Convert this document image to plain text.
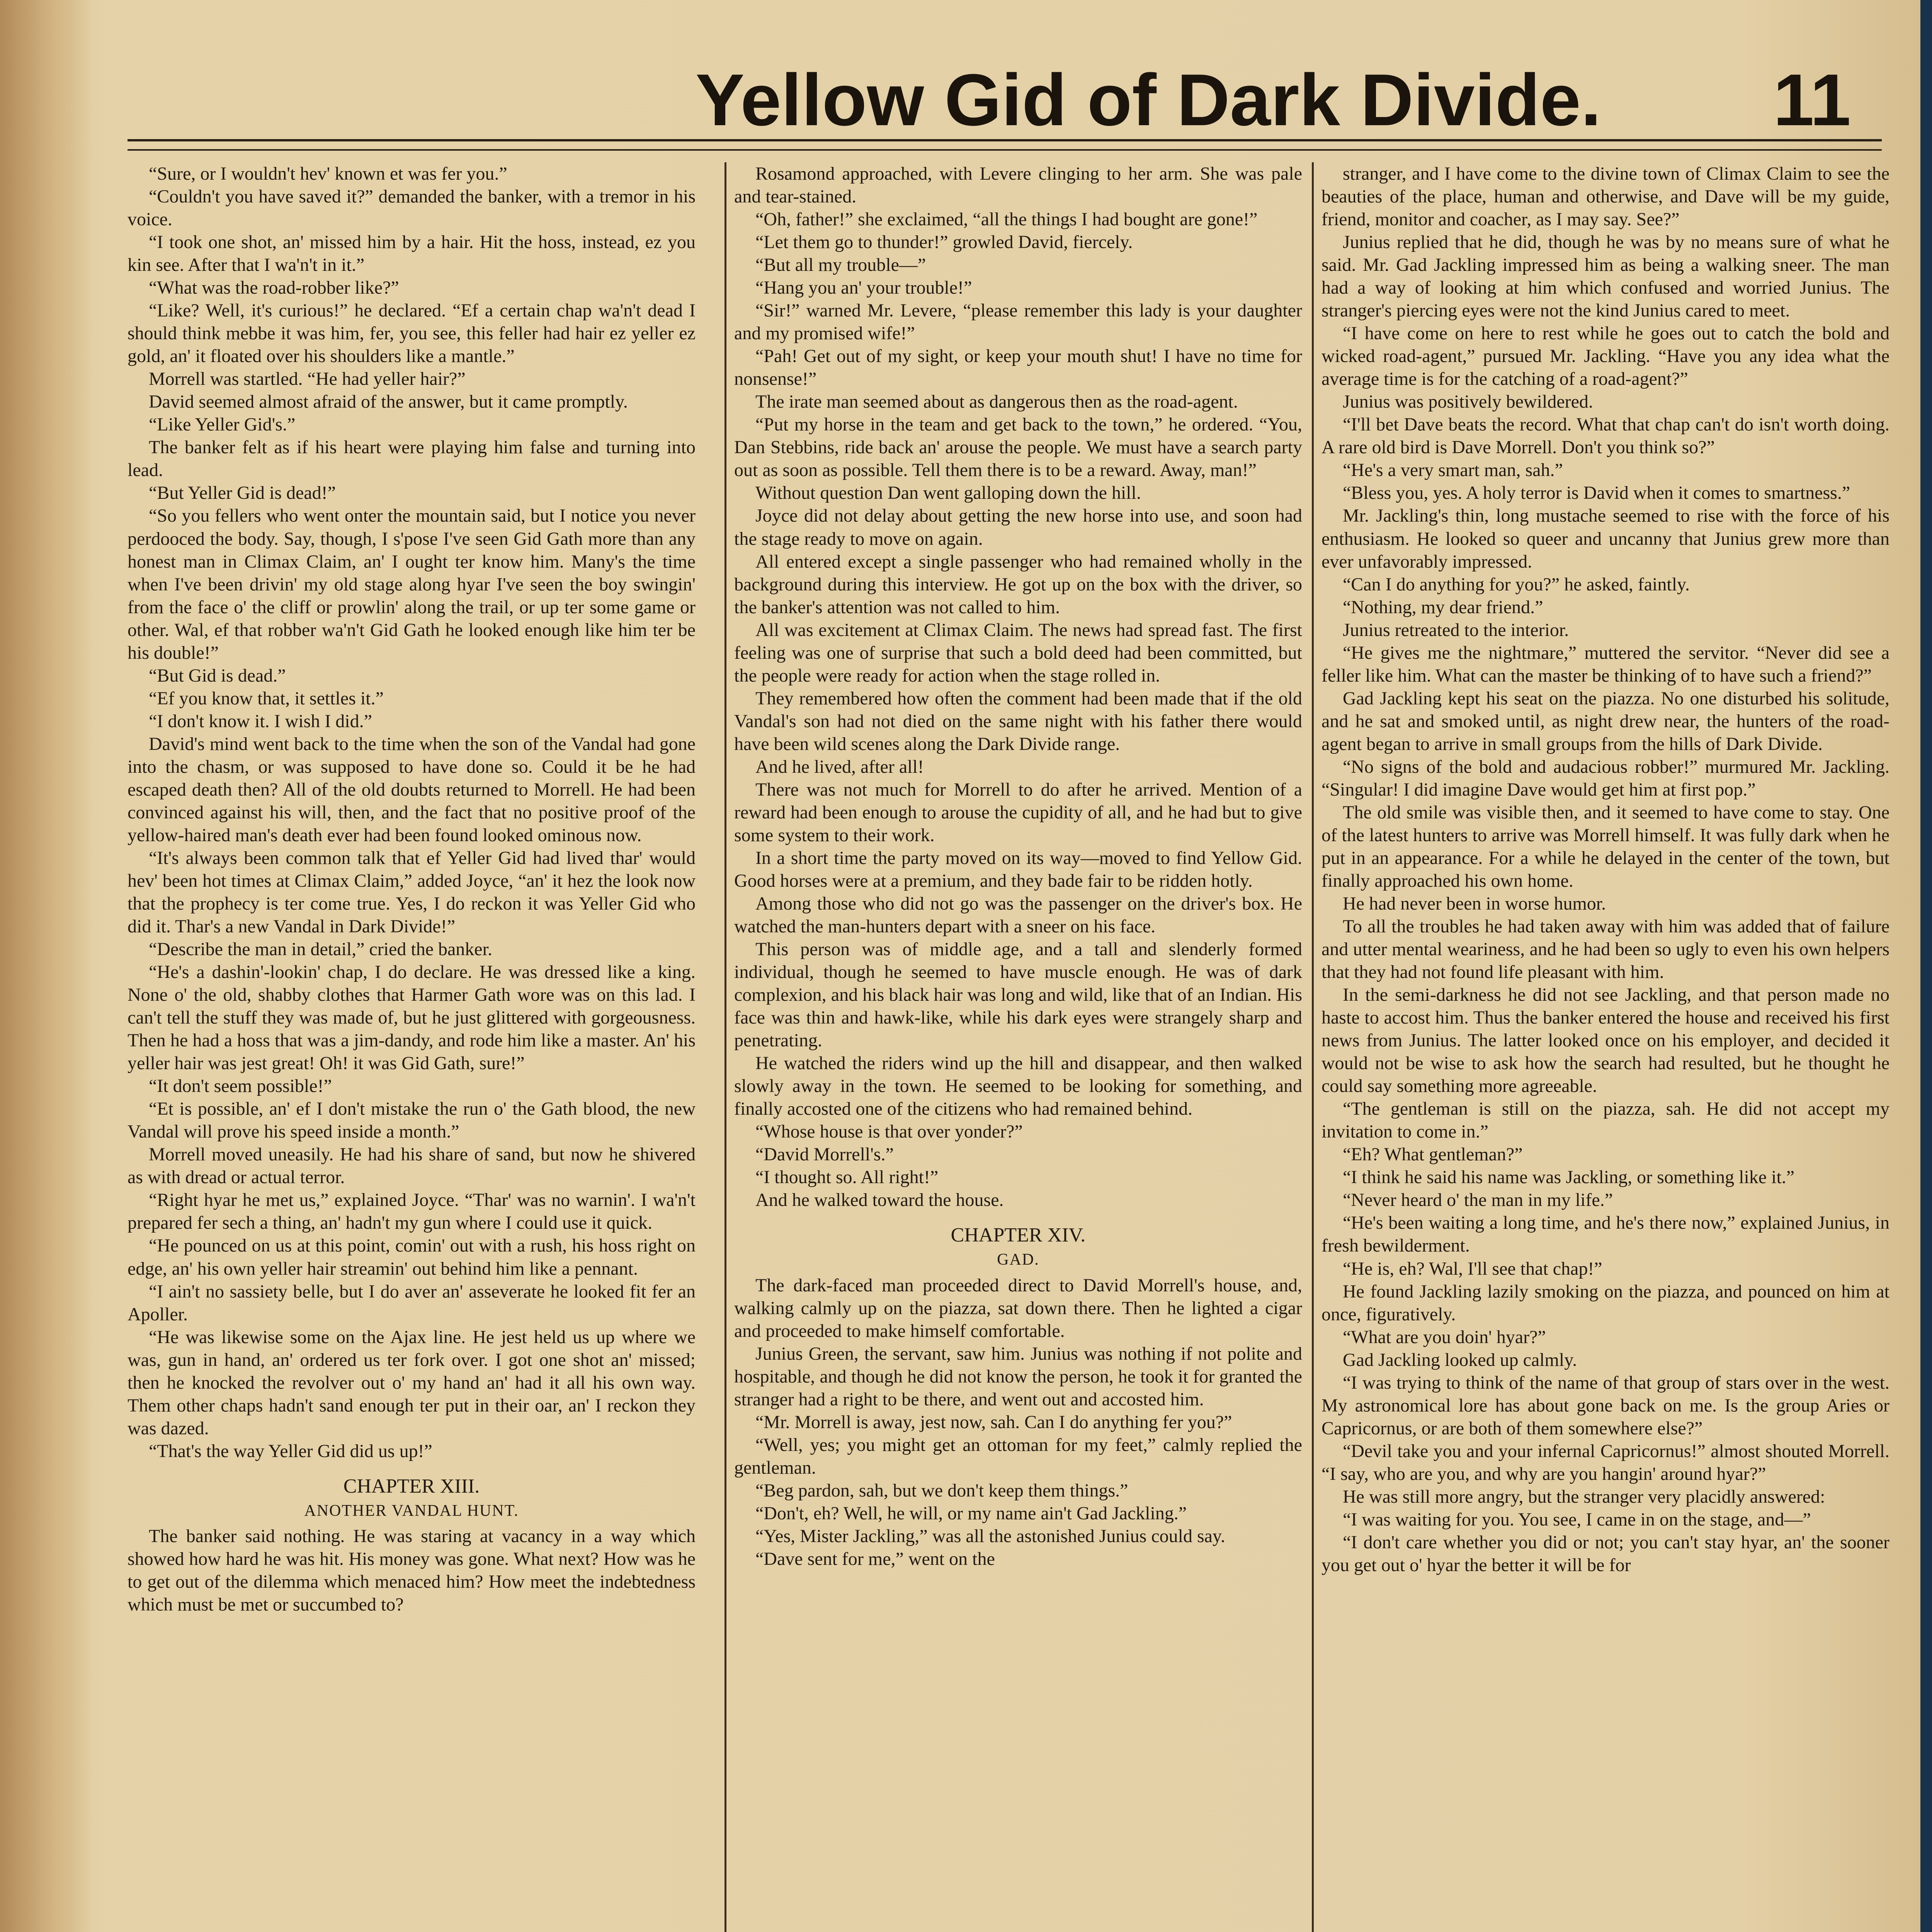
Yellow Gid of Dark Divide. 11

“Sure, or I wouldn't hev' known et was fer you.”

“Couldn't you have saved it?” demanded the banker, with a tremor in his voice.

“I took one shot, an' missed him by a hair. Hit the hoss, instead, ez you kin see. After that I wa'n't in it.”

“What was the road-robber like?”

“Like? Well, it's curious!” he declared. “Ef a certain chap wa'n't dead I should think mebbe it was him, fer, you see, this feller had hair ez yeller ez gold, an' it floated over his shoulders like a mantle.”

Morrell was startled. “He had yeller hair?”

David seemed almost afraid of the answer, but it came promptly.

“Like Yeller Gid's.”

The banker felt as if his heart were playing him false and turning into lead.

“But Yeller Gid is dead!”

“So you fellers who went onter the mountain said, but I notice you never perdooced the body. Say, though, I s'pose I've seen Gid Gath more than any honest man in Climax Claim, an' I ought ter know him. Many's the time when I've been drivin' my old stage along hyar I've seen the boy swingin' from the face o' the cliff or prowlin' along the trail, or up ter some game or other. Wal, ef that robber wa'n't Gid Gath he looked enough like him ter be his double!”

“But Gid is dead.”

“Ef you know that, it settles it.”

“I don't know it. I wish I did.”

David's mind went back to the time when the son of the Vandal had gone into the chasm, or was supposed to have done so. Could it be he had escaped death then? All of the old doubts returned to Morrell. He had been convinced against his will, then, and the fact that no positive proof of the yellow-haired man's death ever had been found looked ominous now.

“It's always been common talk that ef Yeller Gid had lived thar' would hev' been hot times at Climax Claim,” added Joyce, “an' it hez the look now that the prophecy is ter come true. Yes, I do reckon it was Yeller Gid who did it. Thar's a new Vandal in Dark Divide!”

“Describe the man in detail,” cried the banker.

“He's a dashin'-lookin' chap, I do declare. He was dressed like a king. None o' the old, shabby clothes that Harmer Gath wore was on this lad. I can't tell the stuff they was made of, but he just glittered with gorgeousness. Then he had a hoss that was a jim-dandy, and rode him like a master. An' his yeller hair was jest great! Oh! it was Gid Gath, sure!”

“It don't seem possible!”

“Et is possible, an' ef I don't mistake the run o' the Gath blood, the new Vandal will prove his speed inside a month.”

Morrell moved uneasily. He had his share of sand, but now he shivered as with dread or actual terror.

“Right hyar he met us,” explained Joyce. “Thar' was no warnin'. I wa'n't prepared fer sech a thing, an' hadn't my gun where I could use it quick.

“He pounced on us at this point, comin' out with a rush, his hoss right on edge, an' his own yeller hair streamin' out behind him like a pennant.

“I ain't no sassiety belle, but I do aver an' asseverate he looked fit fer an Apoller.

“He was likewise some on the Ajax line. He jest held us up where we was, gun in hand, an' ordered us ter fork over. I got one shot an' missed; then he knocked the revolver out o' my hand an' had it all his own way. Them other chaps hadn't sand enough ter put in their oar, an' I reckon they was dazed.

“That's the way Yeller Gid did us up!”

CHAPTER XIII.
ANOTHER VANDAL HUNT.

The banker said nothing. He was staring at vacancy in a way which showed how hard he was hit. His money was gone. What next? How was he to get out of the dilemma which menaced him? How meet the indebtedness which must be met or succumbed to?

Rosamond approached, with Levere clinging to her arm. She was pale and tear-stained.

“Oh, father!” she exclaimed, “all the things I had bought are gone!”

“Let them go to thunder!” growled David, fiercely.

“But all my trouble—”

“Hang you an' your trouble!”

“Sir!” warned Mr. Levere, “please remember this lady is your daughter and my promised wife!”

“Pah! Get out of my sight, or keep your mouth shut! I have no time for nonsense!”

The irate man seemed about as dangerous then as the road-agent.

“Put my horse in the team and get back to the town,” he ordered. “You, Dan Stebbins, ride back an' arouse the people. We must have a search party out as soon as possible. Tell them there is to be a reward. Away, man!”

Without question Dan went galloping down the hill.

Joyce did not delay about getting the new horse into use, and soon had the stage ready to move on again.

All entered except a single passenger who had remained wholly in the background during this interview. He got up on the box with the driver, so the banker's attention was not called to him.

All was excitement at Climax Claim. The news had spread fast. The first feeling was one of surprise that such a bold deed had been committed, but the people were ready for action when the stage rolled in.

They remembered how often the comment had been made that if the old Vandal's son had not died on the same night with his father there would have been wild scenes along the Dark Divide range.

And he lived, after all!

There was not much for Morrell to do after he arrived. Mention of a reward had been enough to arouse the cupidity of all, and he had but to give some system to their work.

In a short time the party moved on its way—moved to find Yellow Gid. Good horses were at a premium, and they bade fair to be ridden hotly.

Among those who did not go was the passenger on the driver's box. He watched the man-hunters depart with a sneer on his face.

This person was of middle age, and a tall and slenderly formed individual, though he seemed to have muscle enough. He was of dark complexion, and his black hair was long and wild, like that of an Indian. His face was thin and hawk-like, while his dark eyes were strangely sharp and penetrating.

He watched the riders wind up the hill and disappear, and then walked slowly away in the town. He seemed to be looking for something, and finally accosted one of the citizens who had remained behind.

“Whose house is that over yonder?”

“David Morrell's.”

“I thought so. All right!”

And he walked toward the house.

CHAPTER XIV.
GAD.

The dark-faced man proceeded direct to David Morrell's house, and, walking calmly up on the piazza, sat down there. Then he lighted a cigar and proceeded to make himself comfortable.

Junius Green, the servant, saw him. Junius was nothing if not polite and hospitable, and though he did not know the person, he took it for granted the stranger had a right to be there, and went out and accosted him.

“Mr. Morrell is away, jest now, sah. Can I do anything fer you?”

“Well, yes; you might get an ottoman for my feet,” calmly replied the gentleman.

“Beg pardon, sah, but we don't keep them things.”

“Don't, eh? Well, he will, or my name ain't Gad Jackling.”

“Yes, Mister Jackling,” was all the astonished Junius could say.

“Dave sent for me,” went on the

stranger, and I have come to the divine town of Climax Claim to see the beauties of the place, human and otherwise, and Dave will be my guide, friend, monitor and coacher, as I may say. See?”

Junius replied that he did, though he was by no means sure of what he said. Mr. Gad Jackling impressed him as being a walking sneer. The man had a way of looking at him which confused and worried Junius. The stranger's piercing eyes were not the kind Junius cared to meet.

“I have come on here to rest while he goes out to catch the bold and wicked road-agent,” pursued Mr. Jackling. “Have you any idea what the average time is for the catching of a road-agent?”

Junius was positively bewildered.

“I'll bet Dave beats the record. What that chap can't do isn't worth doing. A rare old bird is Dave Morrell. Don't you think so?”

“He's a very smart man, sah.”

“Bless you, yes. A holy terror is David when it comes to smartness.”

Mr. Jackling's thin, long mustache seemed to rise with the force of his enthusiasm. He looked so queer and uncanny that Junius grew more than ever unfavorably impressed.

“Can I do anything for you?” he asked, faintly.

“Nothing, my dear friend.”

Junius retreated to the interior.

“He gives me the nightmare,” muttered the servitor. “Never did see a feller like him. What can the master be thinking of to have such a friend?”

Gad Jackling kept his seat on the piazza. No one disturbed his solitude, and he sat and smoked until, as night drew near, the hunters of the road-agent began to arrive in small groups from the hills of Dark Divide.

“No signs of the bold and audacious robber!” murmured Mr. Jackling. “Singular! I did imagine Dave would get him at first pop.”

The old smile was visible then, and it seemed to have come to stay. One of the latest hunters to arrive was Morrell himself. It was fully dark when he put in an appearance. For a while he delayed in the center of the town, but finally approached his own home.

He had never been in worse humor.

To all the troubles he had taken away with him was added that of failure and utter mental weariness, and he had been so ugly to even his own helpers that they had not found life pleasant with him.

In the semi-darkness he did not see Jackling, and that person made no haste to accost him. Thus the banker entered the house and received his first news from Junius. The latter looked once on his employer, and decided it would not be wise to ask how the search had resulted, but he thought he could say something more agreeable.

“The gentleman is still on the piazza, sah. He did not accept my invitation to come in.”

“Eh? What gentleman?”

“I think he said his name was Jackling, or something like it.”

“Never heard o' the man in my life.”

“He's been waiting a long time, and he's there now,” explained Junius, in fresh bewilderment.

“He is, eh? Wal, I'll see that chap!”

He found Jackling lazily smoking on the piazza, and pounced on him at once, figuratively.

“What are you doin' hyar?”

Gad Jackling looked up calmly.

“I was trying to think of the name of that group of stars over in the west. My astronomical lore has about gone back on me. Is the group Aries or Capricornus, or are both of them somewhere else?”

“Devil take you and your infernal Capricornus!” almost shouted Morrell. “I say, who are you, and why are you hangin' around hyar?”

He was still more angry, but the stranger very placidly answered:

“I was waiting for you. You see, I came in on the stage, and—”

“I don't care whether you did or not; you can't stay hyar, an' the sooner you get out o' hyar the better it will be for
